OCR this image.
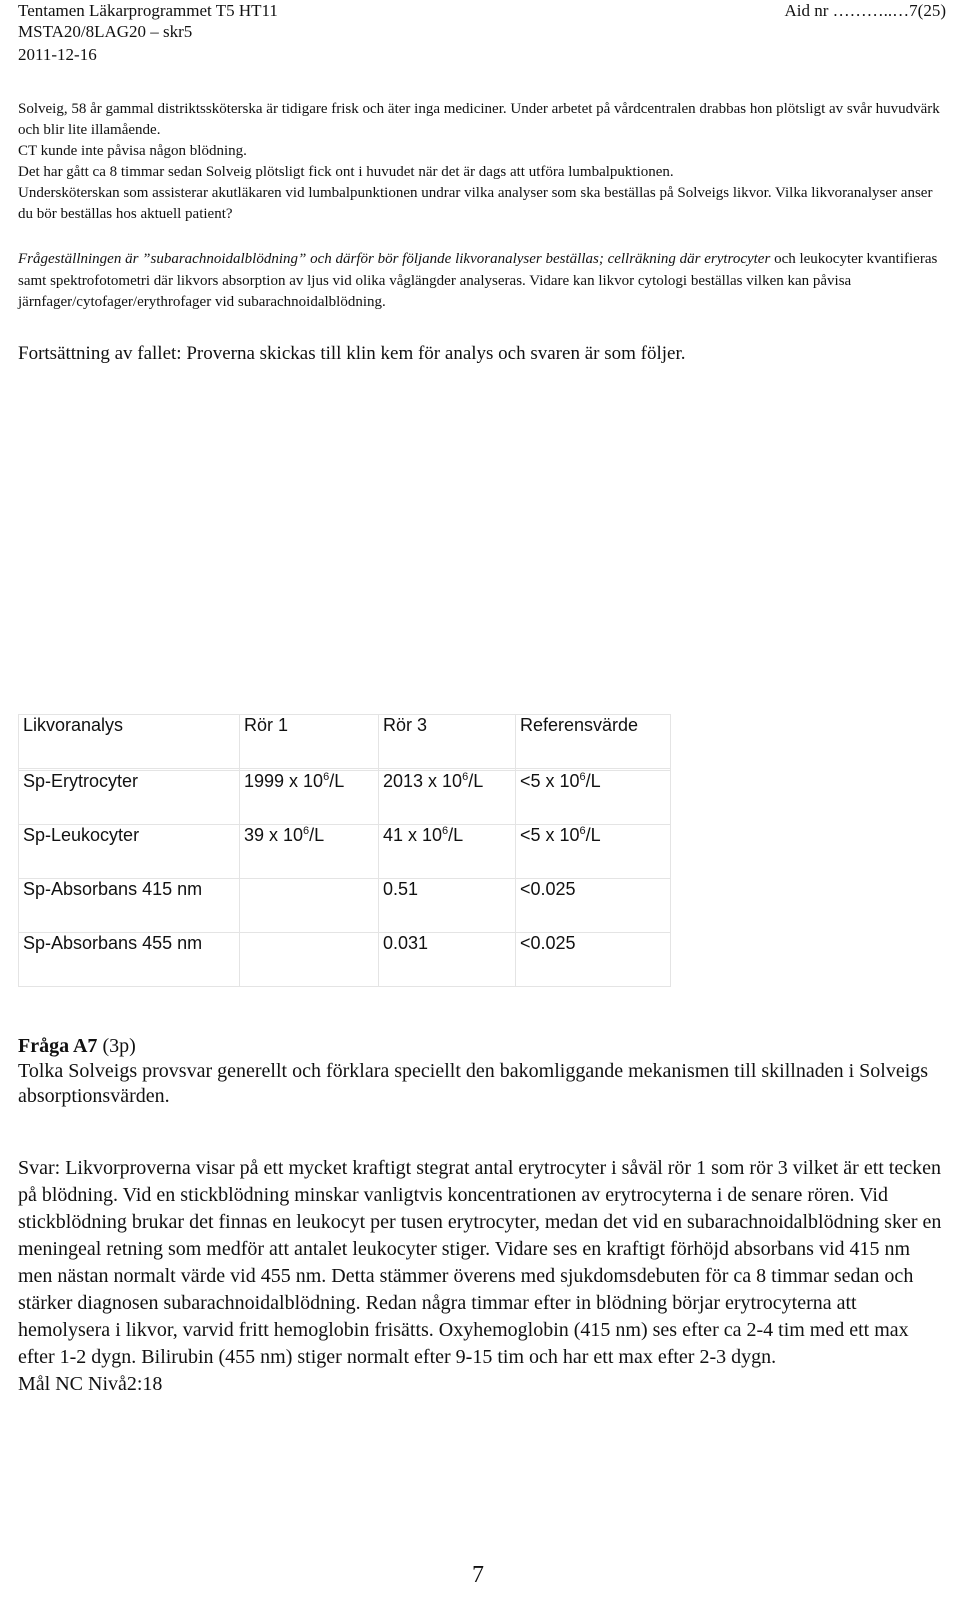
Tentamen Läkarprogrammet T5 HT11
MSTA20/8LAG20 – skr5
2011-12-16
Aid nr ………..…7(25)

Solveig, 58 år gammal distriktssköterska är tidigare frisk och äter inga mediciner. Under arbetet på vårdcentralen drabbas hon plötsligt av svår huvudvärk och blir lite illamående.

CT kunde inte påvisa någon blödning.

Det har gått ca 8 timmar sedan Solveig plötsligt fick ont i huvudet när det är dags att utföra lumbalpuktionen.

Undersköterskan som assisterar akutläkaren vid lumbalpunktionen undrar vilka analyser som ska beställas på Solveigs likvor. Vilka likvoranalyser anser du bör beställas hos aktuell patient?

Frågeställningen är ”subarachnoidalblödning” och därför bör följande likvoranalyser beställas; cellräkning där erytrocyter och leukocyter kvantifieras samt spektrofotometri där likvors absorption av ljus vid olika våglängder analyseras. Vidare kan likvor cytologi beställas vilken kan påvisa järnfager/cytofager/erythrofager vid subarachnoidalblödning.
Fortsättning av fallet: Proverna skickas till klin kem för analys och svaren är som följer.
Likvoranalys	Rör 1	Rör 3	Referensvärde

Sp-Erytrocyter	1999 x $10^6/L$	2013 x $10^6/L$	<5 x $10^6/L$
Sp-Leukocyter	39 x $10^6/L$	41 x $10^6/L$	<5 x $10^6/L$
Sp-Absorbans 415 nm		0.51	<0.025
Sp-Absorbans 455 nm		0.031	<0.025
Fråga A7 (3p)
Tolka Solveigs provsvar generellt och förklara speciellt den bakomliggande mekanismen till skillnaden i Solveigs absorptionsvärden.
Svar: Likvorproverna visar på ett mycket kraftigt stegrat antal erytrocyter i såväl rör 1 som rör 3 vilket är ett tecken på blödning. Vid en stickblödning minskar vanligtvis koncentrationen av erytrocyterna i de senare rören. Vid stickblödning brukar det finnas en leukocyt per tusen erytrocyter, medan det vid en subarachnoidalblödning sker en meningeal retning som medför att antalet leukocyter stiger. Vidare ses en kraftigt förhöjd absorbans vid 415 nm men nästan normalt värde vid 455 nm. Detta stämmer överens med sjukdomsdebuten för ca 8 timmar sedan och stärker diagnosen subarachnoidalblödning. Redan några timmar efter in blödning börjar erytrocyterna att hemolysera i likvor, varvid fritt hemoglobin frisätts. Oxyhemoglobin (415 nm) ses efter ca 2-4 tim med ett max efter 1-2 dygn. Bilirubin (455 nm) stiger normalt efter 9-15 tim och har ett max efter 2-3 dygn.
Mål NC Nivå2:18
7
